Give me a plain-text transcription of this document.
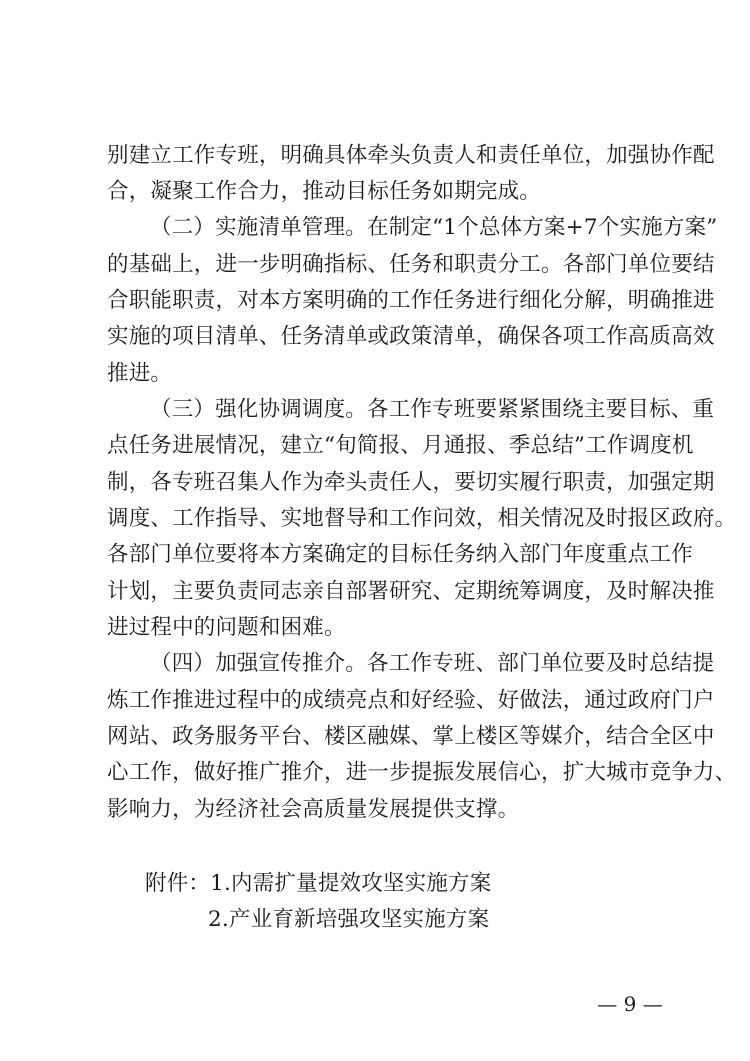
别建立工作专班，明确具体牵头负责人和责任单位，加强协作配
合，凝聚工作合力，推动目标任务如期完成。
（二）实施清单管理。在制定“1个总体方案+7个实施方案”
的基础上，进一步明确指标、任务和职责分工。各部门单位要结
合职能职责，对本方案明确的工作任务进行细化分解，明确推进
实施的项目清单、任务清单或政策清单，确保各项工作高质高效
推进。
（三）强化协调调度。各工作专班要紧紧围绕主要目标、重
点任务进展情况，建立“旬简报、月通报、季总结”工作调度机
制，各专班召集人作为牵头责任人，要切实履行职责，加强定期
调度、工作指导、实地督导和工作问效，相关情况及时报区政府。
各部门单位要将本方案确定的目标任务纳入部门年度重点工作
计划，主要负责同志亲自部署研究、定期统筹调度，及时解决推
进过程中的问题和困难。
（四）加强宣传推介。各工作专班、部门单位要及时总结提
炼工作推进过程中的成绩亮点和好经验、好做法，通过政府门户
网站、政务服务平台、楼区融媒、掌上楼区等媒介，结合全区中
心工作，做好推广推介，进一步提振发展信心，扩大城市竞争力、
影响力，为经济社会高质量发展提供支撑。
附件：1.内需扩量提效攻坚实施方案
2.产业育新培强攻坚实施方案
— 9 —
